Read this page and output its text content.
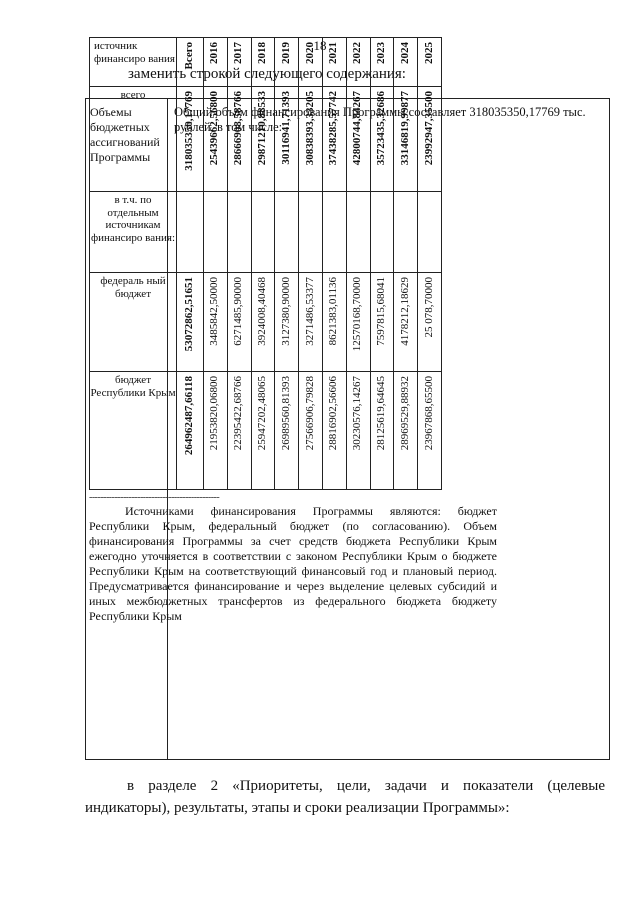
18
заменить строкой следующего содержания:
Объемы бюджетных ассигнований Программы
Общий объем финансирования Программы составляет 318035350,17769 тыс. рублей, в том числе:
источник финансиро вания	Всего	2016	2017	2018	2019	2020	2021	2022	2023	2024	2025

всего	318035350,17769	25439662,56800	28666908,58766	29871210,88533	30116941,71393	30838393,33205	37438285,57742	42800744,84267	35723435,32686	33146819,99877	23992947,35500

в т.ч. по отдельным источникам финансиро вания:											
федераль ный бюджет	53072862,51651	3485842,50000	6271485,90000	3924008,40468	3127380,90000	3271486,53377	8621383,01136	12570168,70000	7597815,68041	4178212,18629	25 078,70000

бюджет Республики Крым	264962487,66118	21953820,06800	22395422,68766	25947202,48065	26989560,81393	27566906,79828	28816902,56606	30230576,14267	28125619,64645	28969529,88932	23967868,65500
----------------------------------------------
Источниками финансирования Программы являются: бюджет Республики Крым, федеральный бюджет (по согласованию). Объем финансирования Программы за счет средств бюджета Республики Крым ежегодно уточняется в соответствии с законом Республики Крым о бюджете Республики Крым на соответствующий финансовый год и плановый период. Предусматривается финансирование и через выделение целевых субсидий и иных межбюджетных трансфертов из федерального бюджета бюджету Республики Крым
в разделе 2 «Приоритеты, цели, задачи и показатели (целевые индикаторы), результаты, этапы и сроки реализации Программы»:
